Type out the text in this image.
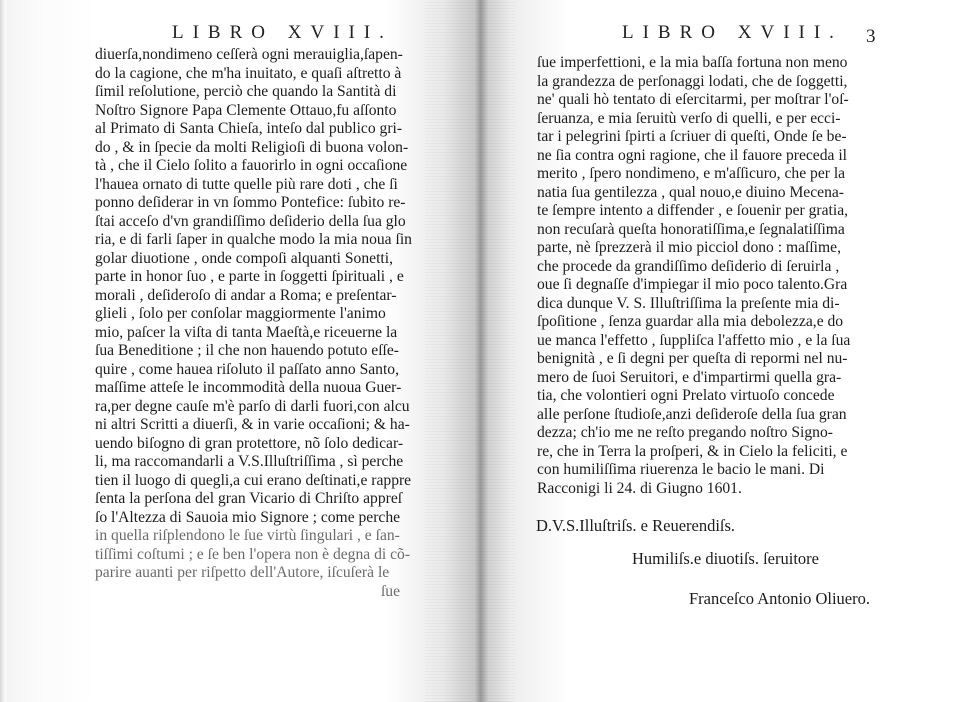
LIBRO XVIII.
diuerſa,nondimeno ceſſerà ogni merauiglia,ſapen-
do la cagione, che m'ha inuitato, e quaſi aſtretto à
ſimil reſolutione, perciò che quando la Santità di
Noſtro Signore Papa Clemente Ottauo,fu aſſonto
al Primato di Santa Chieſa, inteſo dal publico gri-
do , & in ſpecie da molti Religioſi di buona volon-
tà , che il Cielo ſolito a fauorirlo in ogni occaſione
l'hauea ornato di tutte quelle più rare doti , che ſi
ponno deſiderar in vn ſommo Pontefice: ſubito re-
ſtai acceſo d'vn grandiſſimo deſiderio della ſua glo
ria, e di farli ſaper in qualche modo la mia noua ſin
golar diuotione , onde compoſi alquanti Sonetti,
parte in honor ſuo , e parte in ſoggetti ſpirituali , e
morali , deſideroſo di andar a Roma; e preſentar-
glieli , ſolo per conſolar maggiormente l'animo
mio, paſcer la viſta di tanta Maeſtà,e riceuerne la
ſua Beneditione ; il che non hauendo potuto eſſe-
quire , come hauea riſoluto il paſſato anno Santo,
maſſime atteſe le incommodità della nuoua Guer-
ra,per degne cauſe m'è parſo di darli fuori,con alcu
ni altri Scritti a diuerſi, & in varie occaſioni; & ha-
uendo biſogno di gran protettore, nõ ſolo dedicar-
li, ma raccomandarli a V.S.Illuſtriſſima , sì perche
tien il luogo di quegli,a cui erano deſtinati,e rappre
ſenta la perſona del gran Vicario di Chriſto appreſ
ſo l'Altezza di Sauoia mio Signore ; come perche
in quella riſplendono le ſue virtù ſingulari , e ſan-
tiſſimi coſtumi ; e ſe ben l'opera non è degna di cõ-
parire auanti per riſpetto dell'Autore, iſcuſerà le
ſue
LIBRO XVIII. 3
ſue imperfettioni, e la mia baſſa fortuna non meno
la grandezza de perſonaggi lodati, che de ſoggetti,
ne' quali hò tentato di eſercitarmi, per moſtrar l'oſ-
ſeruanza, e mia ſeruitù verſo di quelli, e per ecci-
tar i pelegrini ſpirti a ſcriuer di queſti, Onde ſe be-
ne ſia contra ogni ragione, che il fauore preceda il
merito , ſpero nondimeno, e m'aſſicuro, che per la
natia ſua gentilezza , qual nouo,e diuino Mecena-
te ſempre intento a diffender , e ſouenir per gratia,
non recuſarà queſta honoratiſſima,e ſegnalatiſſima
parte, nè ſprezzerà il mio picciol dono : maſſime,
che procede da grandiſſimo deſiderio di ſeruirla ,
oue ſi degnaſſe d'impiegar il mio poco talento.Gra
dica dunque V. S. Illuſtriſſima la preſente mia di-
ſpoſitione , ſenza guardar alla mia debolezza,e do
ue manca l'effetto , ſuppliſca l'affetto mio , e la ſua
benignità , e ſi degni per queſta di repormi nel nu-
mero de ſuoi Seruitori, e d'impartirmi quella gra-
tia, che volontieri ogni Prelato virtuoſo concede
alle perſone ſtudioſe,anzi deſideroſe della ſua gran
dezza; ch'io me ne reſto pregando noſtro Signo-
re, che in Terra la proſperi, & in Cielo la feliciti, e
con humiliſſima riuerenza le bacio le mani. Di
Racconigi li 24. di Giugno 1601.
D.V.S.Illuſtriſs. e Reuerendiſs.
Humiliſs.e diuotiſs. ſeruitore
Franceſco Antonio Oliuero.
